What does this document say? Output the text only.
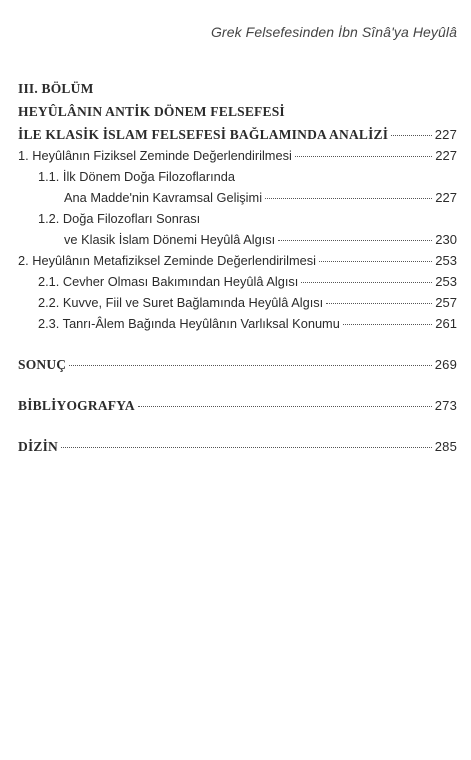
Grek Felsefesinden İbn Sînâ'ya Heyûlâ
III. BÖLÜM
HEYÛLÂNIN ANTİK DÖNEM FELSEFESİ
İLE KLASİK İSLAM FELSEFESİ BAĞLAMINDA ANALİZİ	227
1. Heyûlânın Fiziksel Zeminde Değerlendirilmesi	227
1.1. İlk Dönem Doğa Filozoflarında
Ana Madde'nin Kavramsal Gelişimi	227
1.2. Doğa Filozofları Sonrası
ve Klasik İslam Dönemi Heyûlâ Algısı	230
2. Heyûlânın Metafiziksel Zeminde Değerlendirilmesi	253
2.1. Cevher Olması Bakımından Heyûlâ Algısı	253
2.2. Kuvve, Fiil ve Suret Bağlamında Heyûlâ Algısı	257
2.3. Tanrı-Âlem Bağında Heyûlânın Varlıksal Konumu	261
SONUÇ	269
BİBLİYOGRAFYA	273
DİZİN	285
